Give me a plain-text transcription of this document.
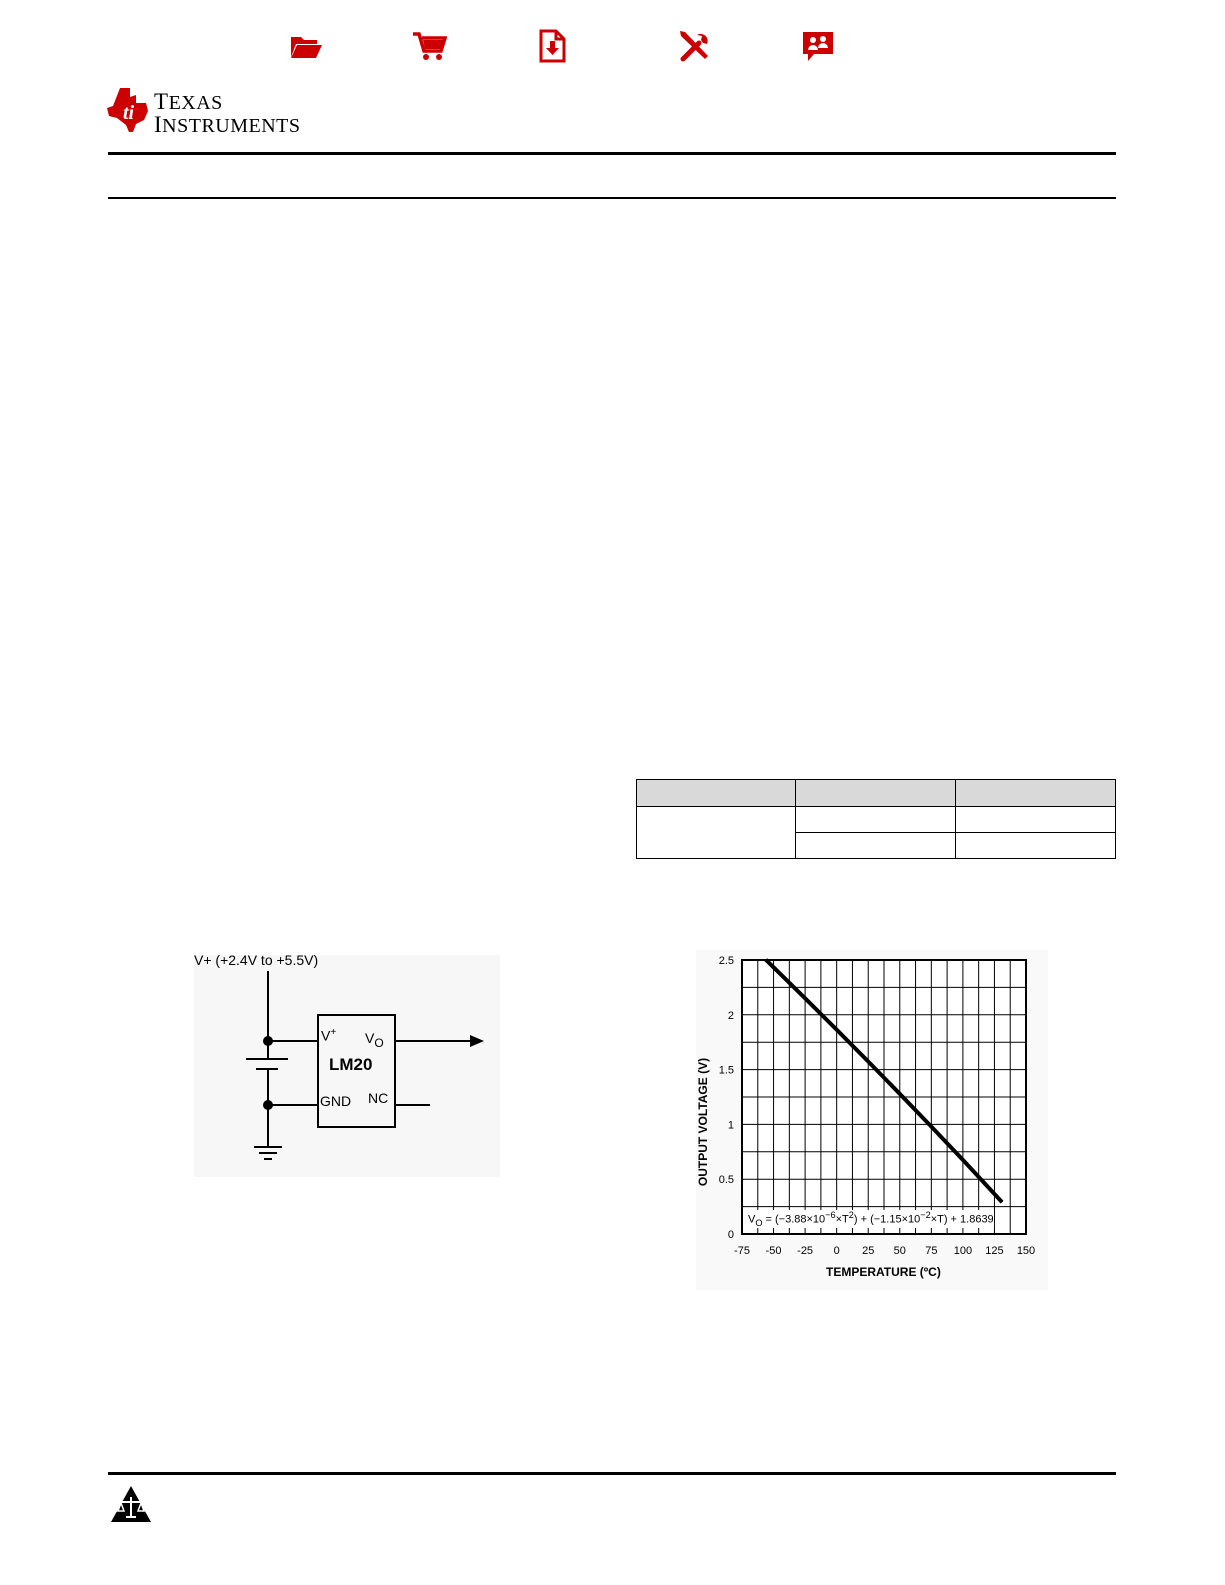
ti TEXAS
INSTRUMENTS

V+ (+2.4V to +5.5V)
V+ $V_O$
LM20
GND NC
-75 -50 -25 0 25 50 75 100 125 150
0
0.5
1
1.5
2
2.5
TEMPERATURE (ºC)
OUTPUT VOLTAGE (V)
$V_O = (-3.88\times 10^{-6}\times T^2) + (-1.15\times 10^{-2}\times T) + 1.8639$
